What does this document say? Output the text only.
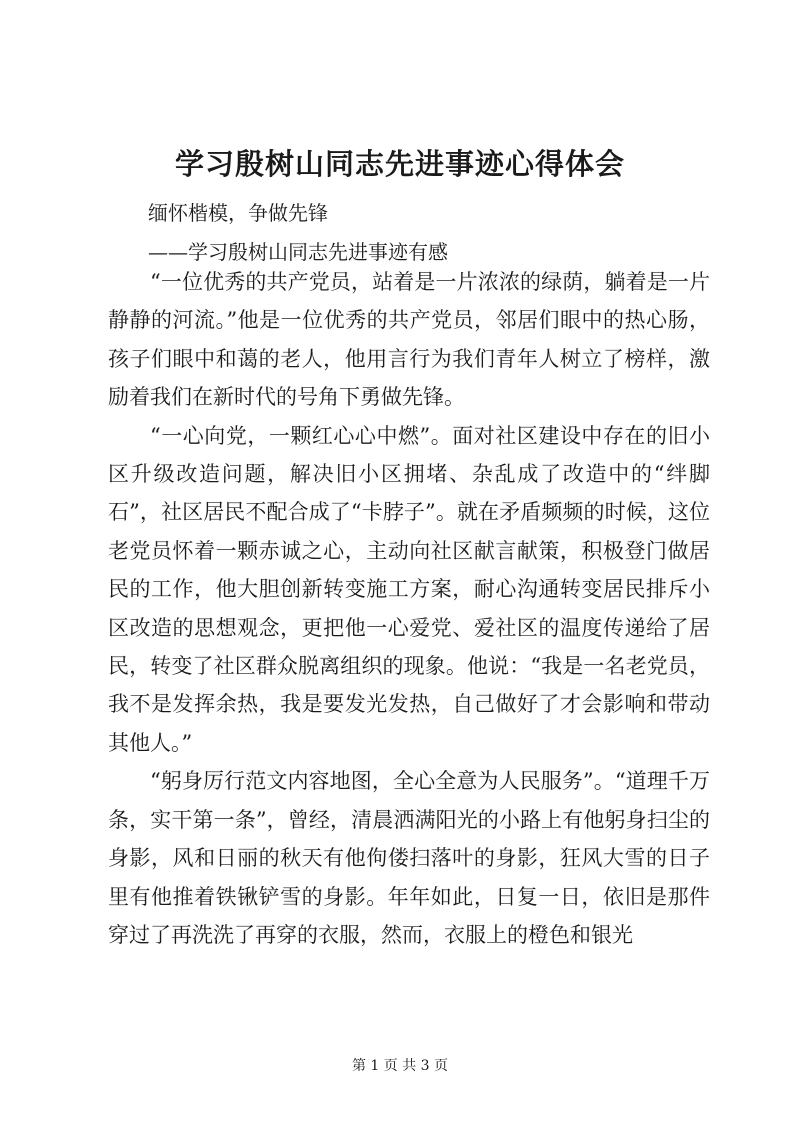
学习殷树山同志先进事迹心得体会
缅怀楷模，争做先锋
——学习殷树山同志先进事迹有感

“一位优秀的共产党员，站着是一片浓浓的绿荫，躺着是一片静静的河流。”他是一位优秀的共产党员，邻居们眼中的热心肠，孩子们眼中和蔼的老人，他用言行为我们青年人树立了榜样，激励着我们在新时代的号角下勇做先锋。

“一心向党，一颗红心心中燃”。面对社区建设中存在的旧小区升级改造问题，解决旧小区拥堵、杂乱成了改造中的“绊脚石”，社区居民不配合成了“卡脖子”。就在矛盾频频的时候，这位老党员怀着一颗赤诚之心，主动向社区献言献策，积极登门做居民的工作，他大胆创新转变施工方案，耐心沟通转变居民排斥小区改造的思想观念，更把他一心爱党、爱社区的温度传递给了居民，转变了社区群众脱离组织的现象。他说：“我是一名老党员，我不是发挥余热，我是要发光发热，自己做好了才会影响和带动其他人。”

“躬身厉行范文内容地图，全心全意为人民服务”。“道理千万条，实干第一条”，曾经，清晨洒满阳光的小路上有他躬身扫尘的身影，风和日丽的秋天有他佝偻扫落叶的身影，狂风大雪的日子里有他推着铁锹铲雪的身影。年年如此，日复一日，依旧是那件穿过了再洗洗了再穿的衣服，然而，衣服上的橙色和银光

第 1 页 共 3 页
